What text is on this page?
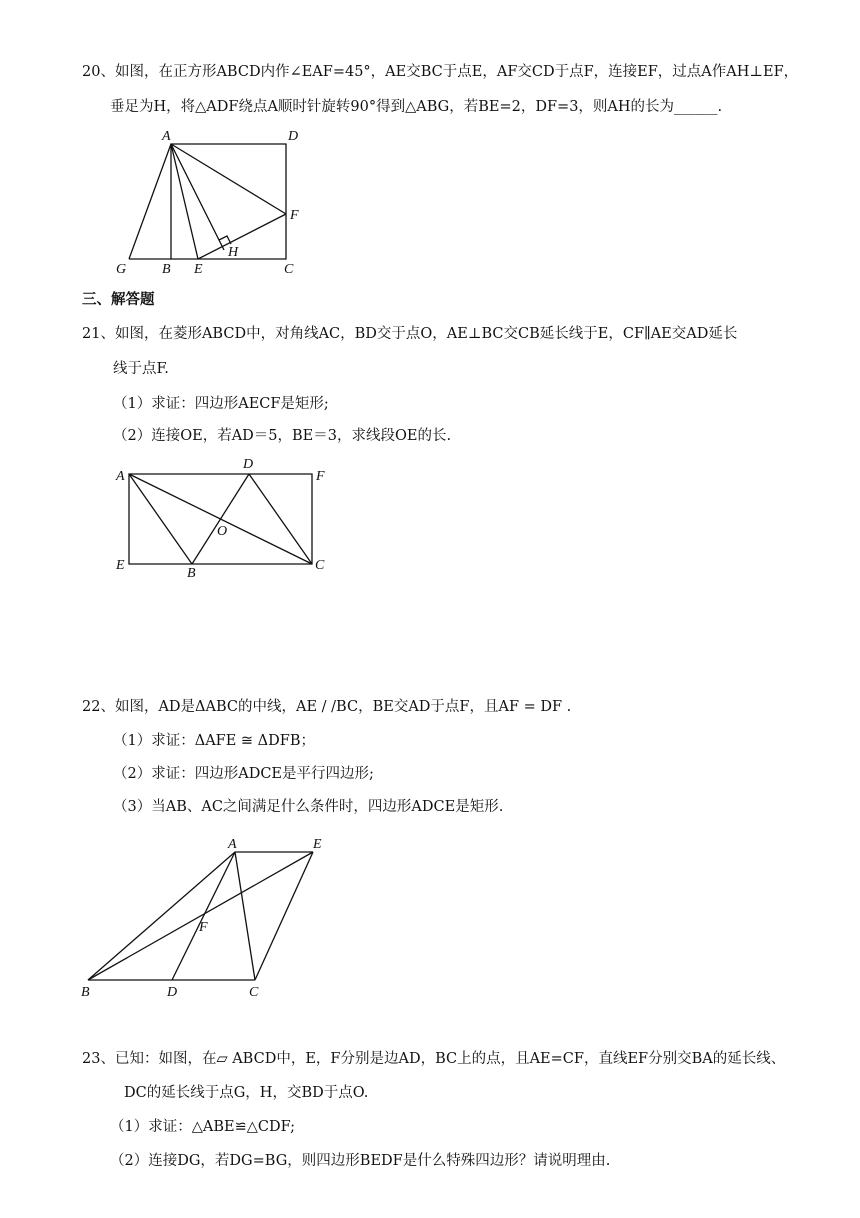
20、如图，在正方形ABCD内作∠EAF=45°，AE交BC于点E，AF交CD于点F，连接EF，过点A作AH⊥EF，
垂足为H，将△ADF绕点A顺时针旋转90°得到△ABG，若BE=2，DF=3，则AH的长为______.
A	D
F
G	B E
H
C
三、解答题
21、如图，在菱形ABCD中，对角线AC，BD交于点O，AE⊥BC交CB延长线于E，CF∥AE交AD延长
线于点F.
（1）求证：四边形AECF是矩形;
（2）连接OE，若AD＝5，BE＝3，求线段OE的长.
A
D
F
O
E
B
C
22、如图，AD是ΔABC的中线，AE / /BC，BE交AD于点F，且AF = DF .
（1）求证：ΔAFE ≅ ΔDFB；
（2）求证：四边形ADCE是平行四边形;
（3）当AB、AC之间满足什么条件时，四边形ADCE是矩形.
A	E
F
B	D	C
23、已知：如图，在▱ ABCD中，E，F分别是边AD，BC上的点，且AE=CF，直线EF分别交BA的延长线、
DC的延长线于点G，H，交BD于点O.
（1）求证：△ABE≌△CDF;
（2）连接DG，若DG=BG，则四边形BEDF是什么特殊四边形？请说明理由.
